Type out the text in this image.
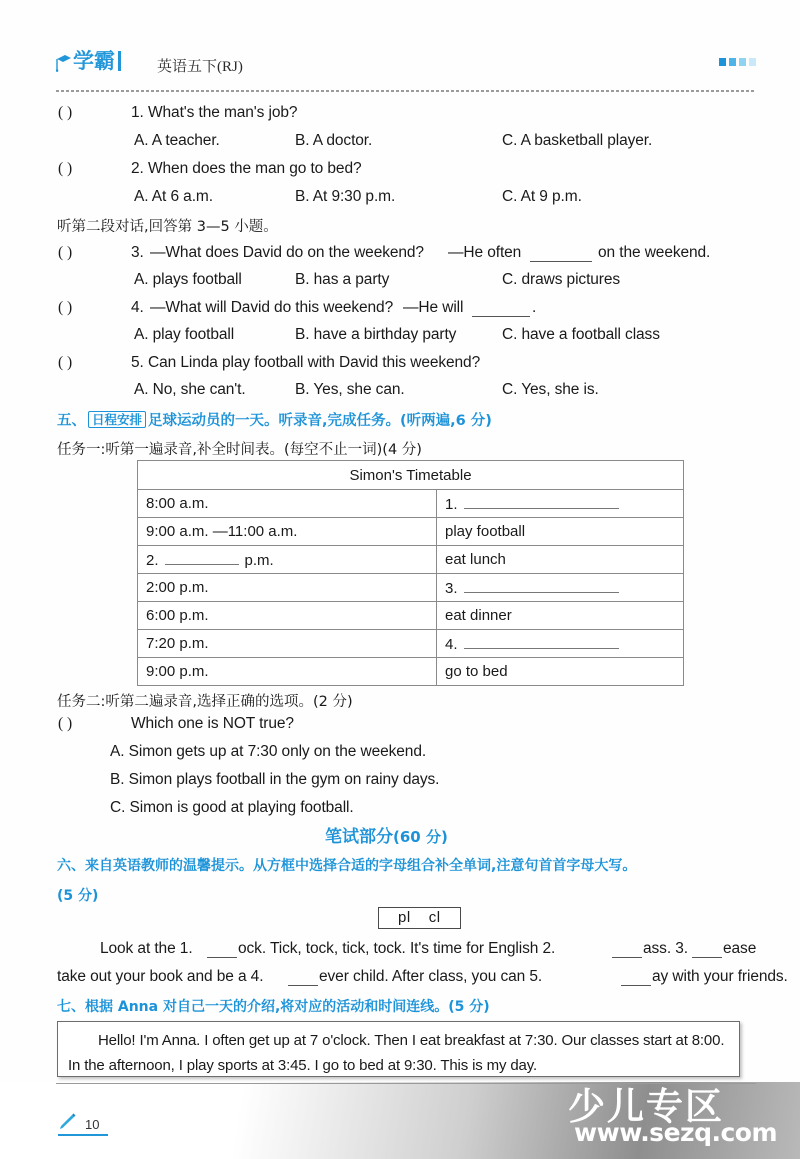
学霸	英语五下(RJ)
( )	1. What's the man's job?
A. A teacher.	B. A doctor.	C. A basketball player.
( )	2. When does the man go to bed?
A. At 6 a.m.	B. At 9:30 p.m.	C. At 9 p.m.
听第二段对话,回答第 3—5 小题。
( )	3. —What does David do on the weekend? —He often	on the weekend.
A. plays football	B. has a party	C. draws pictures
( )	4. —What will David do this weekend? —He will	.
A. play football	B. have a birthday party	C. have a football class
( )	5. Can Linda play football with David this weekend?
A. No, she can't.	B. Yes, she can.	C. Yes, she is.
五、 日程安排 足球运动员的一天。听录音,完成任务。(听两遍,6 分)
任务一:听第一遍录音,补全时间表。(每空不止一词)(4 分)
Simon's Timetable	
8:00 a.m.	1.
9:00 a.m. —11:00 a.m.	play football
2. p.m.	eat lunch
2:00 p.m.	3.
6:00 p.m.	eat dinner
7:20 p.m.	4.
9:00 p.m.	go to bed
任务二:听第二遍录音,选择正确的选项。(2 分)
( )	Which one is NOT true?
A. Simon gets up at 7:30 only on the weekend.
B. Simon plays football in the gym on rainy days.
C. Simon is good at playing football.
笔试部分(60 分)
六、来自英语教师的温馨提示。从方框中选择合适的字母组合补全单词,注意句首首字母大写。
(5 分)
pl cl
Look at the 1.	ock. Tick, tock, tick, tock. It's time for English 2.	ass. 3. ease
take out your book and be a 4.	ever child. After class, you can 5.	ay with your friends.
七、根据 Anna 对自己一天的介绍,将对应的活动和时间连线。(5 分)
Hello! I'm Anna. I often get up at 7 o'clock. Then I eat breakfast at 7:30. Our classes start at 8:00. In the afternoon, I play sports at 3:45. I go to bed at 9:30. This is my day.
10	少儿专区
www.sezq.com
